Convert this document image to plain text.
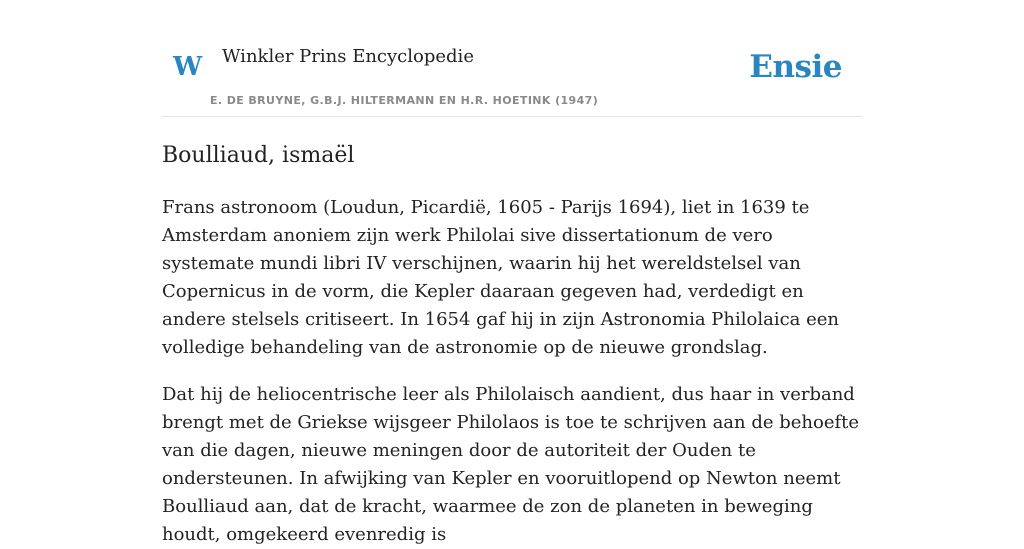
W Winkler Prins Encyclopedie
E. DE BRUYNE, G.B.J. HILTERMANN EN H.R. HOETINK (1947)
Ensie
Boulliaud, ismaël

Frans astronoom (Loudun, Picardië, 1605 - Parijs 1694), liet in 1639 te Amsterdam anoniem zijn werk Philolai sive dissertationum de vero systemate mundi libri IV verschijnen, waarin hij het wereldstelsel van Copernicus in de vorm, die Kepler daaraan gegeven had, verdedigt en andere stelsels critiseert. In 1654 gaf hij in zijn Astronomia Philolaica een volledige behandeling van de astronomie op de nieuwe grondslag.

Dat hij de heliocentrische leer als Philolaisch aandient, dus haar in verband brengt met de Griekse wijsgeer Philolaos is toe te schrijven aan de behoefte van die dagen, nieuwe meningen door de autoriteit der Ouden te ondersteunen. In afwijking van Kepler en vooruitlopend op Newton neemt Boulliaud aan, dat de kracht, waarmee de zon de planeten in beweging houdt, omgekeerd evenredig is
